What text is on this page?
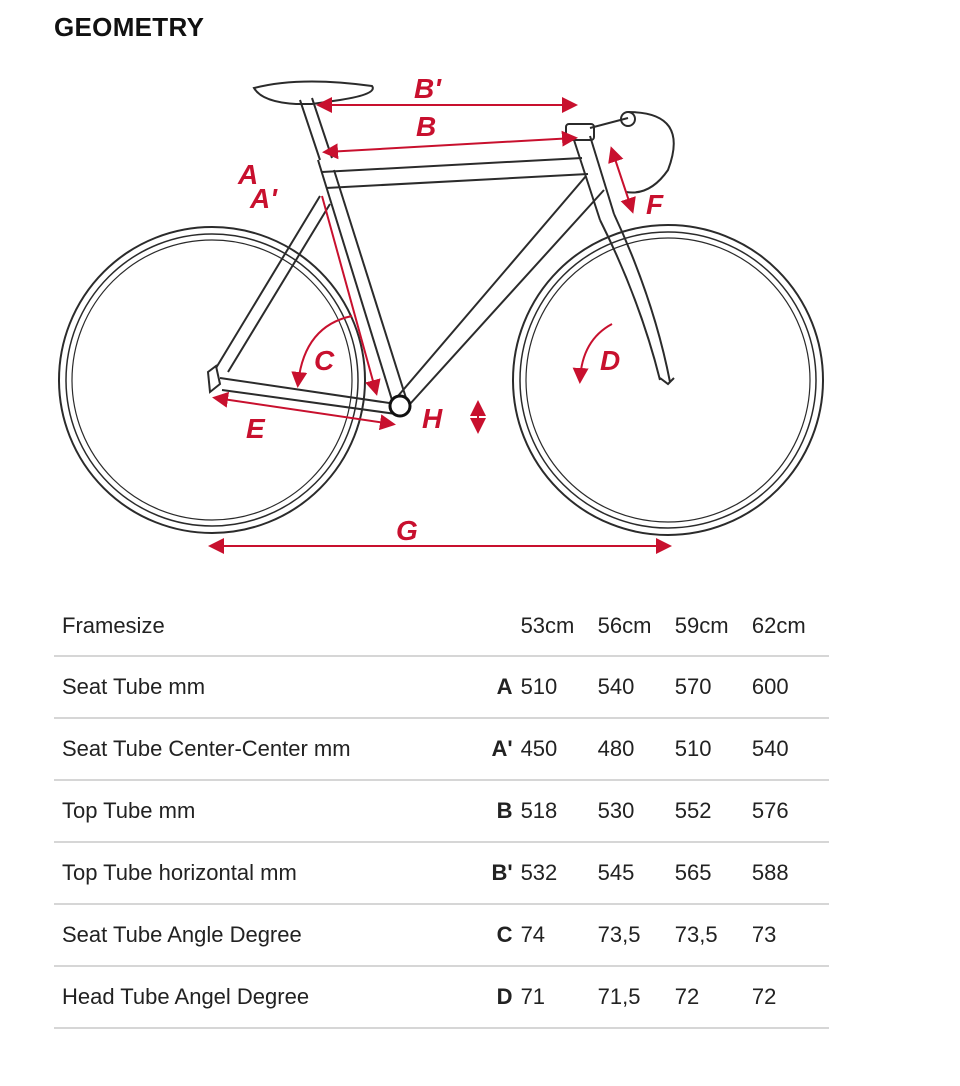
GEOMETRY
B'
B
A
A'	F
C	D
H
E
G
Framesize		53cm	56cm	59cm	62cm
Seat Tube mm	A	510	540	570	600
Seat Tube Center-Center mm	A'	450	480	510	540
Top Tube mm	B	518	530	552	576
Top Tube horizontal mm	B'	532	545	565	588
Seat Tube Angle Degree	C	74	73,5	73,5	73
Head Tube Angel Degree	D	71	71,5	72	72
